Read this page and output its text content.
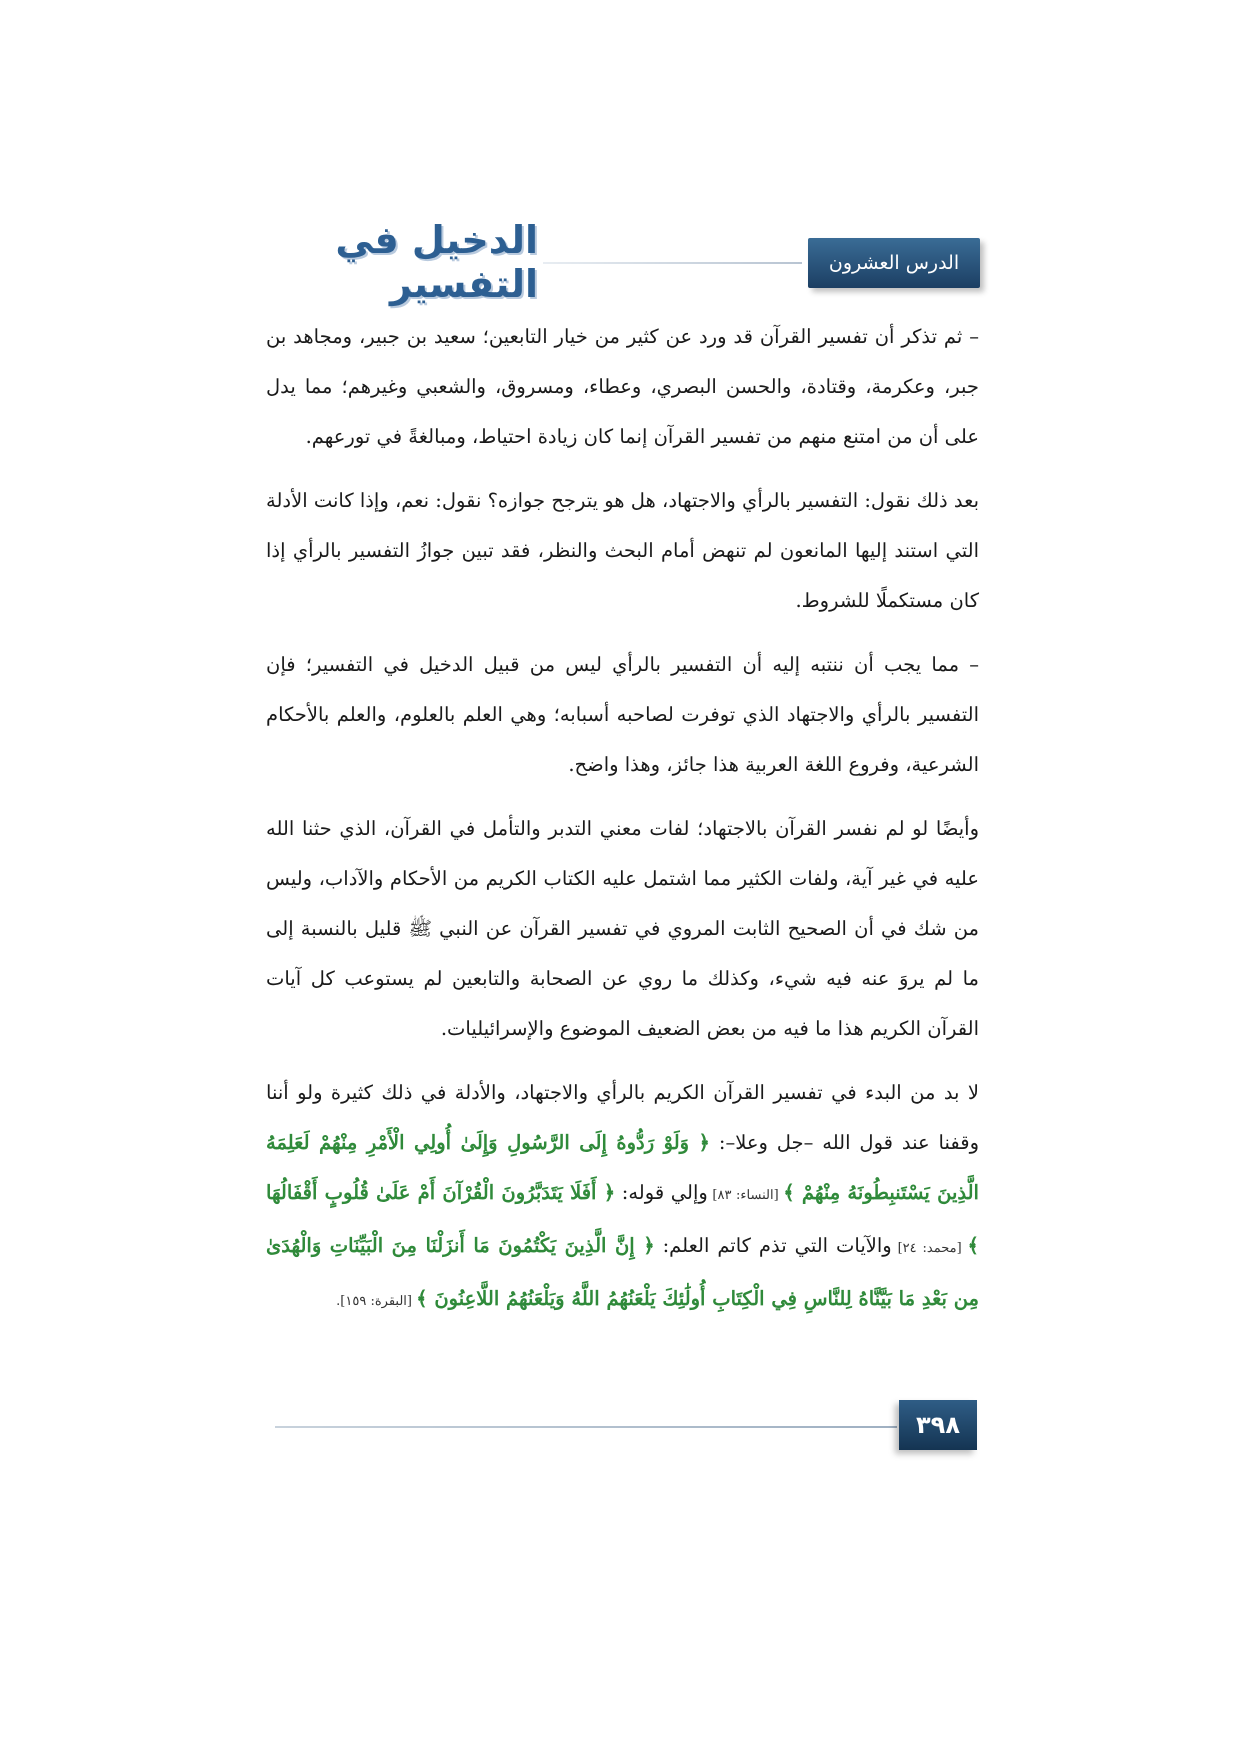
الدخيل في التفسير	الدرس العشرون

– ثم تذكر أن تفسير القرآن قد ورد عن كثير من خيار التابعين؛ سعيد بن جبير، ومجاهد بن جبر، وعكرمة، وقتادة، والحسن البصري، وعطاء، ومسروق، والشعبي وغيرهم؛ مما يدل على أن من امتنع منهم من تفسير القرآن إنما كان زيادة احتياط، ومبالغةً في تورعهم.

بعد ذلك نقول: التفسير بالرأي والاجتهاد، هل هو يترجح جوازه؟ نقول: نعم، وإذا كانت الأدلة التي استند إليها المانعون لم تنهض أمام البحث والنظر، فقد تبين جوازُ التفسير بالرأي إذا كان مستكملًا للشروط.

– مما يجب أن ننتبه إليه أن التفسير بالرأي ليس من قبيل الدخيل في التفسير؛ فإن التفسير بالرأي والاجتهاد الذي توفرت لصاحبه أسبابه؛ وهي العلم بالعلوم، والعلم بالأحكام الشرعية، وفروع اللغة العربية هذا جائز، وهذا واضح.

وأيضًا لو لم نفسر القرآن بالاجتهاد؛ لفات معني التدبر والتأمل في القرآن، الذي حثنا الله عليه في غير آية، ولفات الكثير مما اشتمل عليه الكتاب الكريم من الأحكام والآداب، وليس من شك في أن الصحيح الثابت المروي في تفسير القرآن عن النبي ﷺ قليل بالنسبة إلى ما لم يروَ عنه فيه شيء، وكذلك ما روي عن الصحابة والتابعين لم يستوعب كل آيات القرآن الكريم هذا ما فيه من بعض الضعيف الموضوع والإسرائيليات.

لا بد من البدء في تفسير القرآن الكريم بالرأي والاجتهاد، والأدلة في ذلك كثيرة ولو أننا وقفنا عند قول الله –جل وعلا–: ﴿ وَلَوْ رَدُّوهُ إِلَى الرَّسُولِ وَإِلَىٰ أُولِي الْأَمْرِ مِنْهُمْ لَعَلِمَهُ الَّذِينَ يَسْتَنبِطُونَهُ مِنْهُمْ ﴾ [النساء: ٨٣] وإلي قوله: ﴿ أَفَلَا يَتَدَبَّرُونَ الْقُرْآنَ أَمْ عَلَىٰ قُلُوبٍ أَقْفَالُهَا ﴾ [محمد: ٢٤] والآيات التي تذم كاتم العلم: ﴿ إِنَّ الَّذِينَ يَكْتُمُونَ مَا أَنزَلْنَا مِنَ الْبَيِّنَاتِ وَالْهُدَىٰ مِن بَعْدِ مَا بَيَّنَّاهُ لِلنَّاسِ فِي الْكِتَابِ أُولَٰئِكَ يَلْعَنُهُمُ اللَّهُ وَيَلْعَنُهُمُ اللَّاعِنُونَ ﴾ [البقرة: ١٥٩].

٣٩٨
